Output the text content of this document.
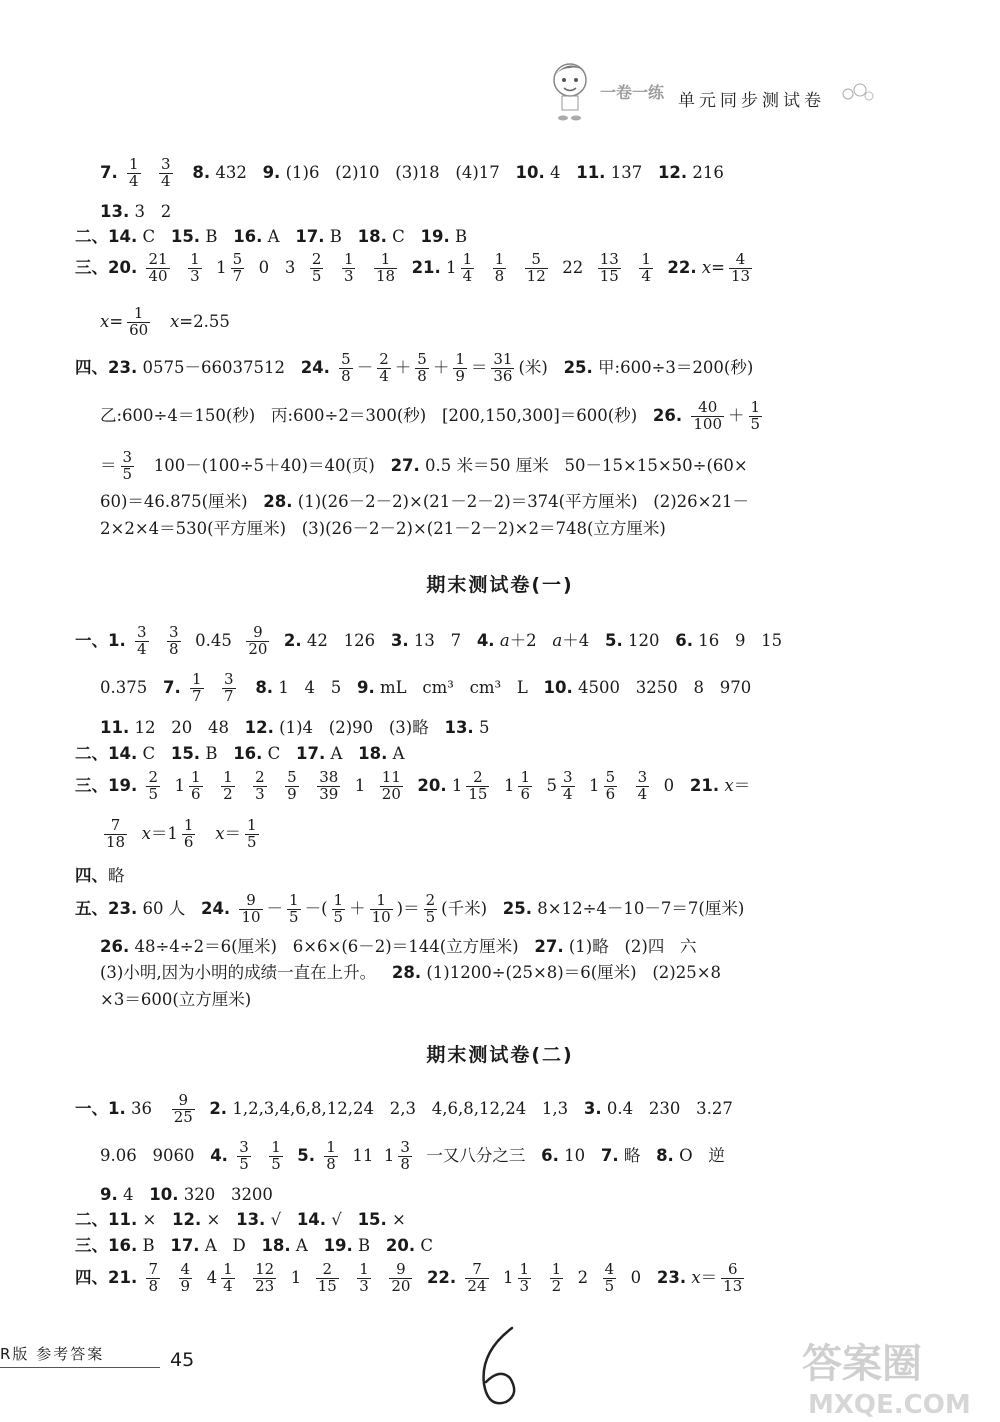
一卷一练 单元同步测试卷
7. $\frac{1}{4}$
$\frac{3}{4} 8$. 432   9. (1)6   (2)10   (3)18   (4)17   10. 4   11. 137   12. 216
13. 3   2
二、14. C   15. B   16. A   17. B   18. C   19. B
三、20. $\frac{21}{40}$
$\frac{1}{3} 1 \frac{5}{7} 0$   $3 \frac{2}{5}$
$\frac{1}{3}$
$\frac{1}{18} 21$. $1 \frac{1}{4}$
$\frac{1}{8}$
$\frac{5}{12} 22 \frac{13}{15}$
$\frac{1}{4} 22$. $x= \frac{4}{13}$
$x= \frac{1}{60} x=2.55$
四、23. 0575－66037512   24. $\frac{5}{8} - \frac{2}{4} + \frac{5}{8} + \frac{1}{9} = \frac{31}{36}$ (米)   25. 甲:600÷3＝200(秒)
乙:600÷4＝150(秒)   丙:600÷2＝300(秒)   [200,150,300]＝600(秒)   26. $\frac{40}{100} + \frac{1}{5}$
＝ $\frac{3}{5} 100-(100\div 5+40)=40$(页)   27. 0.5 米＝50 厘米   50－15×15×50÷(60×
60)＝46.875(厘米)   28. (1)(26－2－2)×(21－2－2)＝374(平方厘米)   (2)26×21－
2×2×4＝530(平方厘米)   (3)(26－2－2)×(21－2－2)×2＝748(立方厘米)
期末测试卷(一)
一、1. $\frac{3}{4}$
$\frac{3}{8} 0.45 \frac{9}{20} 2$. 42   126   3. 13   7   4. a＋2   a＋4   5. 120   6. 16   9   15
0.375   7. $\frac{1}{7}$
$\frac{3}{7} 8$. 1   4   5   9. mL   cm³   cm³   L   10. 4500   3250   8   970
11. 12   20   48   12. (1)4   (2)90   (3)略   13. 5
二、14. C   15. B   16. C   17. A   18. A
三、19. $\frac{2}{5} 1 \frac{1}{6}$
$\frac{1}{2}$
$\frac{2}{3}$
$\frac{5}{9}$
$\frac{38}{39} 1 \frac{11}{20} 20$. $1 \frac{2}{15} 1 \frac{1}{6} 5 \frac{3}{4} 1 \frac{5}{6}$
$\frac{3}{4} 0$   21. x＝
$\frac{7}{18} x=1 \frac{1}{6} x= \frac{1}{5}$
四、略
五、23. 60 人   24. $\frac{9}{10} - \frac{1}{5}$ －( $\frac{1}{5} + \frac{1}{10}$ )＝ $\frac{2}{5}$ (千米)   25. 8×12÷4－10－7＝7(厘米)
26. 48÷4÷2＝6(厘米)   6×6×(6－2)＝144(立方厘米)   27. (1)略   (2)四   六
(3)小明,因为小明的成绩一直在上升。   28. (1)1200÷(25×8)＝6(厘米)   (2)25×8
×3＝600(立方厘米)
期末测试卷(二)
一、1. $36 \frac{9}{25} 2$. 1,2,3,4,6,8,12,24   2,3   4,6,8,12,24   1,3   3. 0.4   230   3.27
9.06   9060   4. $\frac{3}{5}$
$\frac{1}{5} 5$. $\frac{1}{8} 11$  $1 \frac{3}{8}$ 一又八分之三   6. 10   7. 略   8. O   逆
9. 4   10. 320   3200
二、11. ×   12. ×   13. √   14. √   15. ×
三、16. B   17. A   D   18. A   19. B   20. C
四、21. $\frac{7}{8}$
$\frac{4}{9} 4 \frac{1}{4}$
$\frac{12}{23} 1 \frac{2}{15}$
$\frac{1}{3}$
$\frac{9}{20} 22$. $\frac{7}{24} 1 \frac{1}{3}$
$\frac{1}{2} 2 \frac{4}{5} 0$   23. $x= \frac{6}{13}$
R版 参考答案	45	答案圈
MXQE.COM
